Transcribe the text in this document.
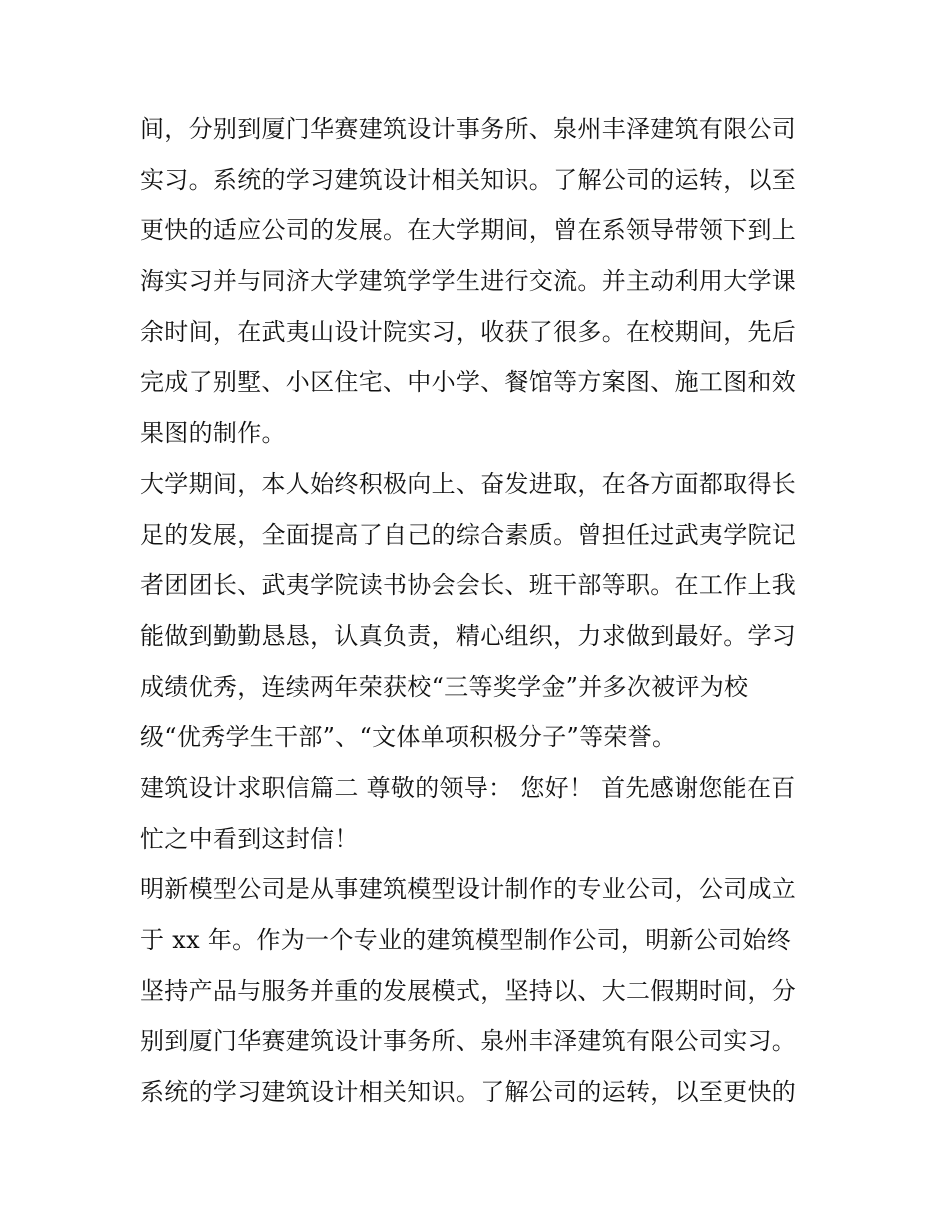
间，分别到厦门华赛建筑设计事务所、泉州丰泽建筑有限公司
实习。系统的学习建筑设计相关知识。了解公司的运转，以至
更快的适应公司的发展。在大学期间，曾在系领导带领下到上
海实习并与同济大学建筑学学生进行交流。并主动利用大学课
余时间，在武夷山设计院实习，收获了很多。在校期间，先后
完成了别墅、小区住宅、中小学、餐馆等方案图、施工图和效
果图的制作。
大学期间，本人始终积极向上、奋发进取，在各方面都取得长
足的发展，全面提高了自己的综合素质。曾担任过武夷学院记
者团团长、武夷学院读书协会会长、班干部等职。在工作上我
能做到勤勤恳恳，认真负责，精心组织，力求做到最好。学习
成绩优秀，连续两年荣获校“三等奖学金”并多次被评为校
级“优秀学生干部”、“文体单项积极分子”等荣誉。
建筑设计求职信篇二 尊敬的领导： 您好！ 首先感谢您能在百
忙之中看到这封信！
明新模型公司是从事建筑模型设计制作的专业公司，公司成立
于 xx 年。作为一个专业的建筑模型制作公司，明新公司始终
坚持产品与服务并重的发展模式，坚持以、大二假期时间，分
别到厦门华赛建筑设计事务所、泉州丰泽建筑有限公司实习。
系统的学习建筑设计相关知识。了解公司的运转，以至更快的
